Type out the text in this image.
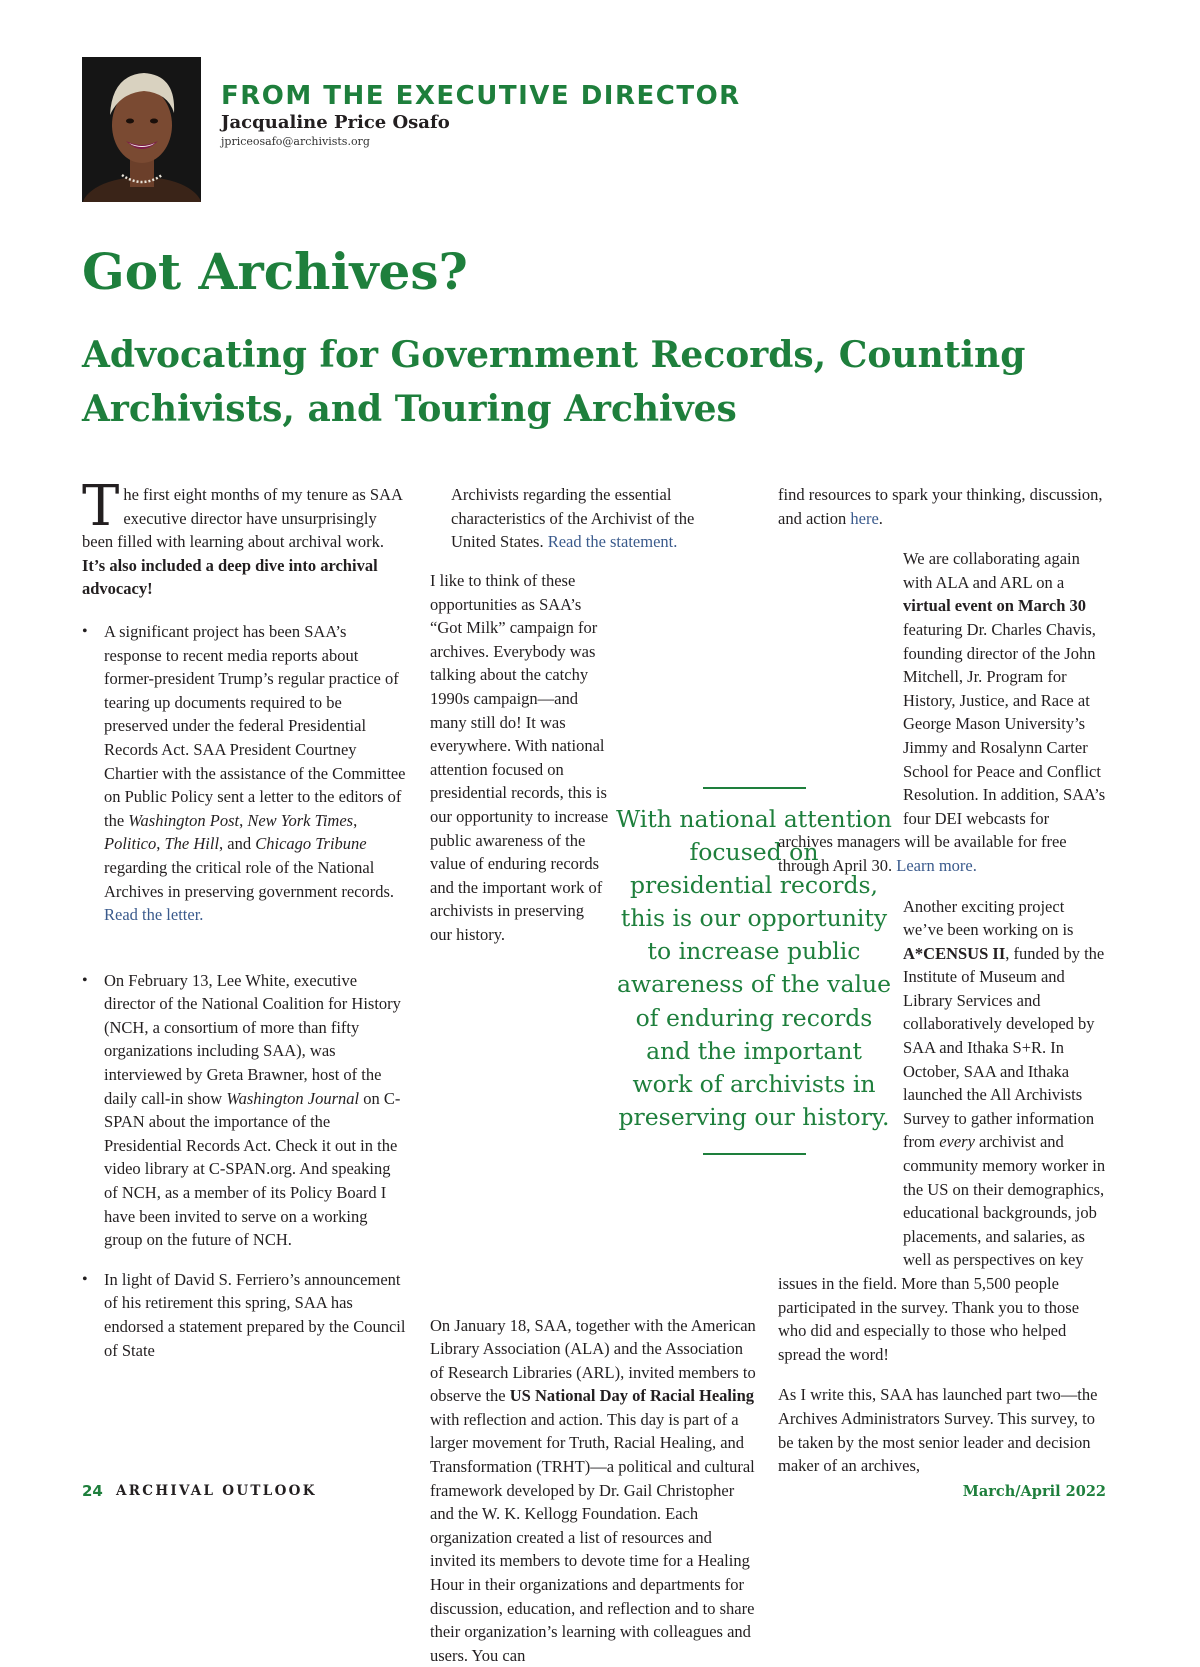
FROM THE EXECUTIVE DIRECTOR
Jacqualine Price Osafo
jpriceosafo@archivists.org
Got Archives?
Advocating for Government Records, Counting Archivists, and Touring Archives

The first eight months of my tenure as SAA executive director have unsurprisingly been filled with learning about archival work. It’s also included a deep dive into archival advocacy!

• A significant project has been SAA’s response to recent media reports about former-president Trump’s regular practice of tearing up documents required to be preserved under the federal Presidential Records Act. SAA President Courtney Chartier with the assistance of the Committee on Public Policy sent a letter to the editors of the Washington Post, New York Times, Politico, The Hill, and Chicago Tribune regarding the critical role of the National Archives in preserving government records. Read the letter.
• On February 13, Lee White, executive director of the National Coalition for History (NCH, a consortium of more than fifty organizations including SAA), was interviewed by Greta Brawner, host of the daily call-in show Washington Journal on C-SPAN about the importance of the Presidential Records Act. Check it out in the video library at C-SPAN.org. And speaking of NCH, as a member of its Policy Board I have been invited to serve on a working group on the future of NCH.
• In light of David S. Ferriero’s announcement of his retirement this spring, SAA has endorsed a statement prepared by the Council of State

Archivists regarding the essential characteristics of the Archivist of the United States. Read the statement.

I like to think of these opportunities as SAA’s “Got Milk” campaign for archives. Everybody was talking about the catchy 1990s campaign—and many still do! It was everywhere. With national attention focused on presidential records, this is our opportunity to increase public awareness of the value of enduring records and the important work of archivists in preserving our history.

On January 18, SAA, together with the American Library Association (ALA) and the Association of Research Libraries (ARL), invited members to observe the US National Day of Racial Healing with reflection and action. This day is part of a larger movement for Truth, Racial Healing, and Transformation (TRHT)—a political and cultural framework developed by Dr. Gail Christopher and the W. K. Kellogg Foundation. Each organization created a list of resources and invited its members to devote time for a Healing Hour in their organizations and departments for discussion, education, and reflection and to share their organization’s learning with colleagues and users. You can

With national attention focused on presidential records, this is our opportunity to increase public awareness of the value of enduring records and the important work of archivists in preserving our history.

find resources to spark your thinking, discussion, and action here.

We are collaborating again with ALA and ARL on a virtual event on March 30 featuring Dr. Charles Chavis, founding director of the John Mitchell, Jr. Program for History, Justice, and Race at George Mason University’s Jimmy and Rosalynn Carter School for Peace and Conflict Resolution. In addition, SAA’s four DEI webcasts for archives managers will be available for free through April 30. Learn more.

Another exciting project we’ve been working on is A*CENSUS II, funded by the Institute of Museum and Library Services and collaboratively developed by SAA and Ithaka S+R. In October, SAA and Ithaka launched the All Archivists Survey to gather information from every archivist and community memory worker in the US on their demographics, educational backgrounds, job placements, and salaries, as well as perspectives on key issues in the field. More than 5,500 people participated in the survey. Thank you to those who did and especially to those who helped spread the word!

As I write this, SAA has launched part two—the Archives Administrators Survey. This survey, to be taken by the most senior leader and decision maker of an archives,

24 ARCHIVAL OUTLOOK	March/April 2022
